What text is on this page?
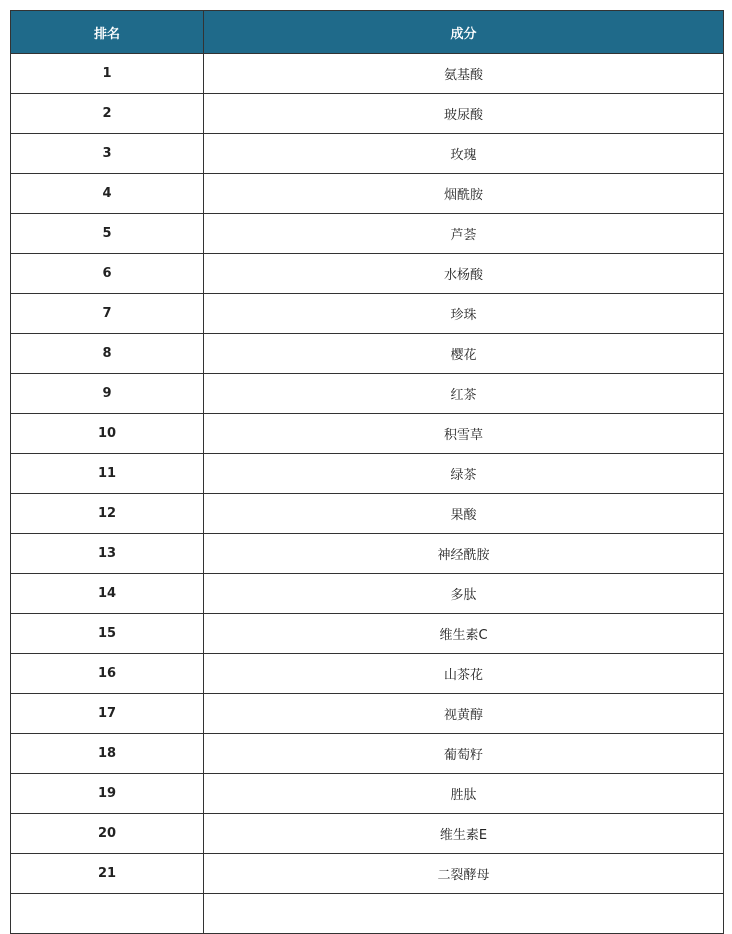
排名	成分
1	氨基酸
2	玻尿酸
3	玫瑰
4	烟酰胺
5	芦荟
6	水杨酸
7	珍珠
8	樱花
9	红茶
10	积雪草
11	绿茶
12	果酸
13	神经酰胺
14	多肽
15	维生素C
16	山茶花
17	视黄醇
18	葡萄籽
19	胜肽
20	维生素E
21	二裂酵母
